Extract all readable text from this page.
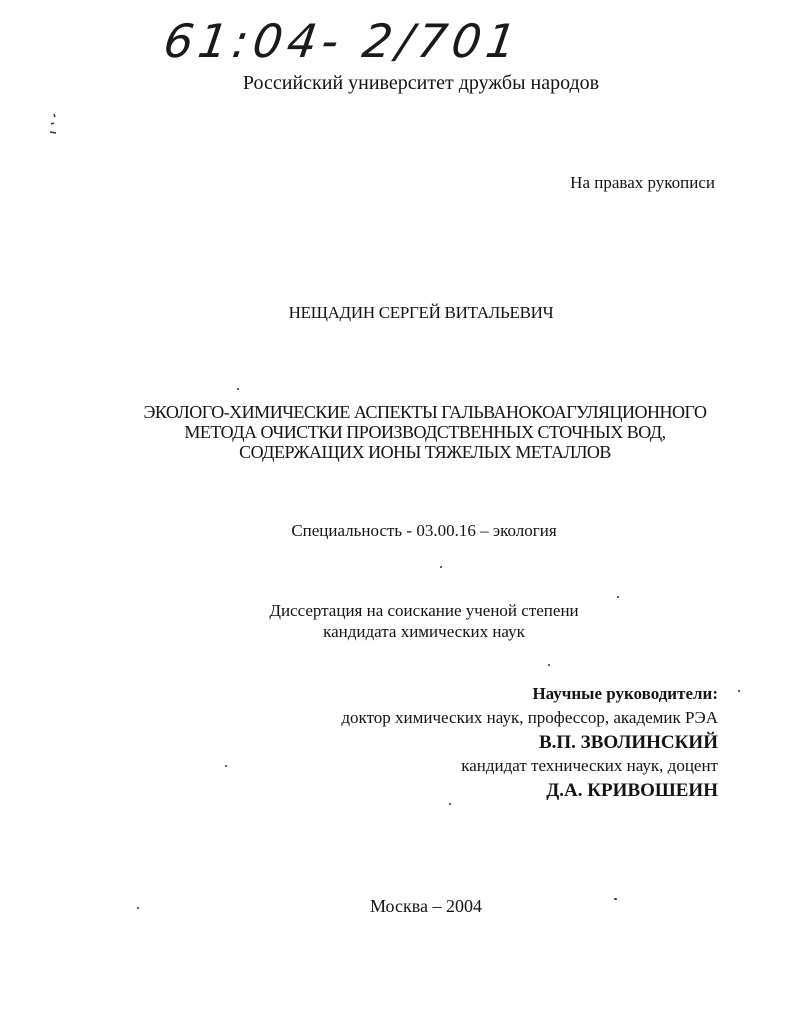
61:04- 2/701
Российский университет дружбы народов
На правах рукописи
НЕЩАДИН СЕРГЕЙ ВИТАЛЬЕВИЧ
ЭКОЛОГО-ХИМИЧЕСКИЕ АСПЕКТЫ ГАЛЬВАНОКОАГУЛЯЦИОННОГО
МЕТОДА ОЧИСТКИ ПРОИЗВОДСТВЕННЫХ СТОЧНЫХ ВОД,
СОДЕРЖАЩИХ ИОНЫ ТЯЖЕЛЫХ МЕТАЛЛОВ
Специальность - 03.00.16 – экология
Диссертация на соискание ученой степени
кандидата химических наук
Научные руководители:
доктор химических наук, профессор, академик РЭА
В.П. ЗВОЛИНСКИЙ
кандидат технических наук, доцент
Д.А. КРИВОШЕИН
Москва – 2004
